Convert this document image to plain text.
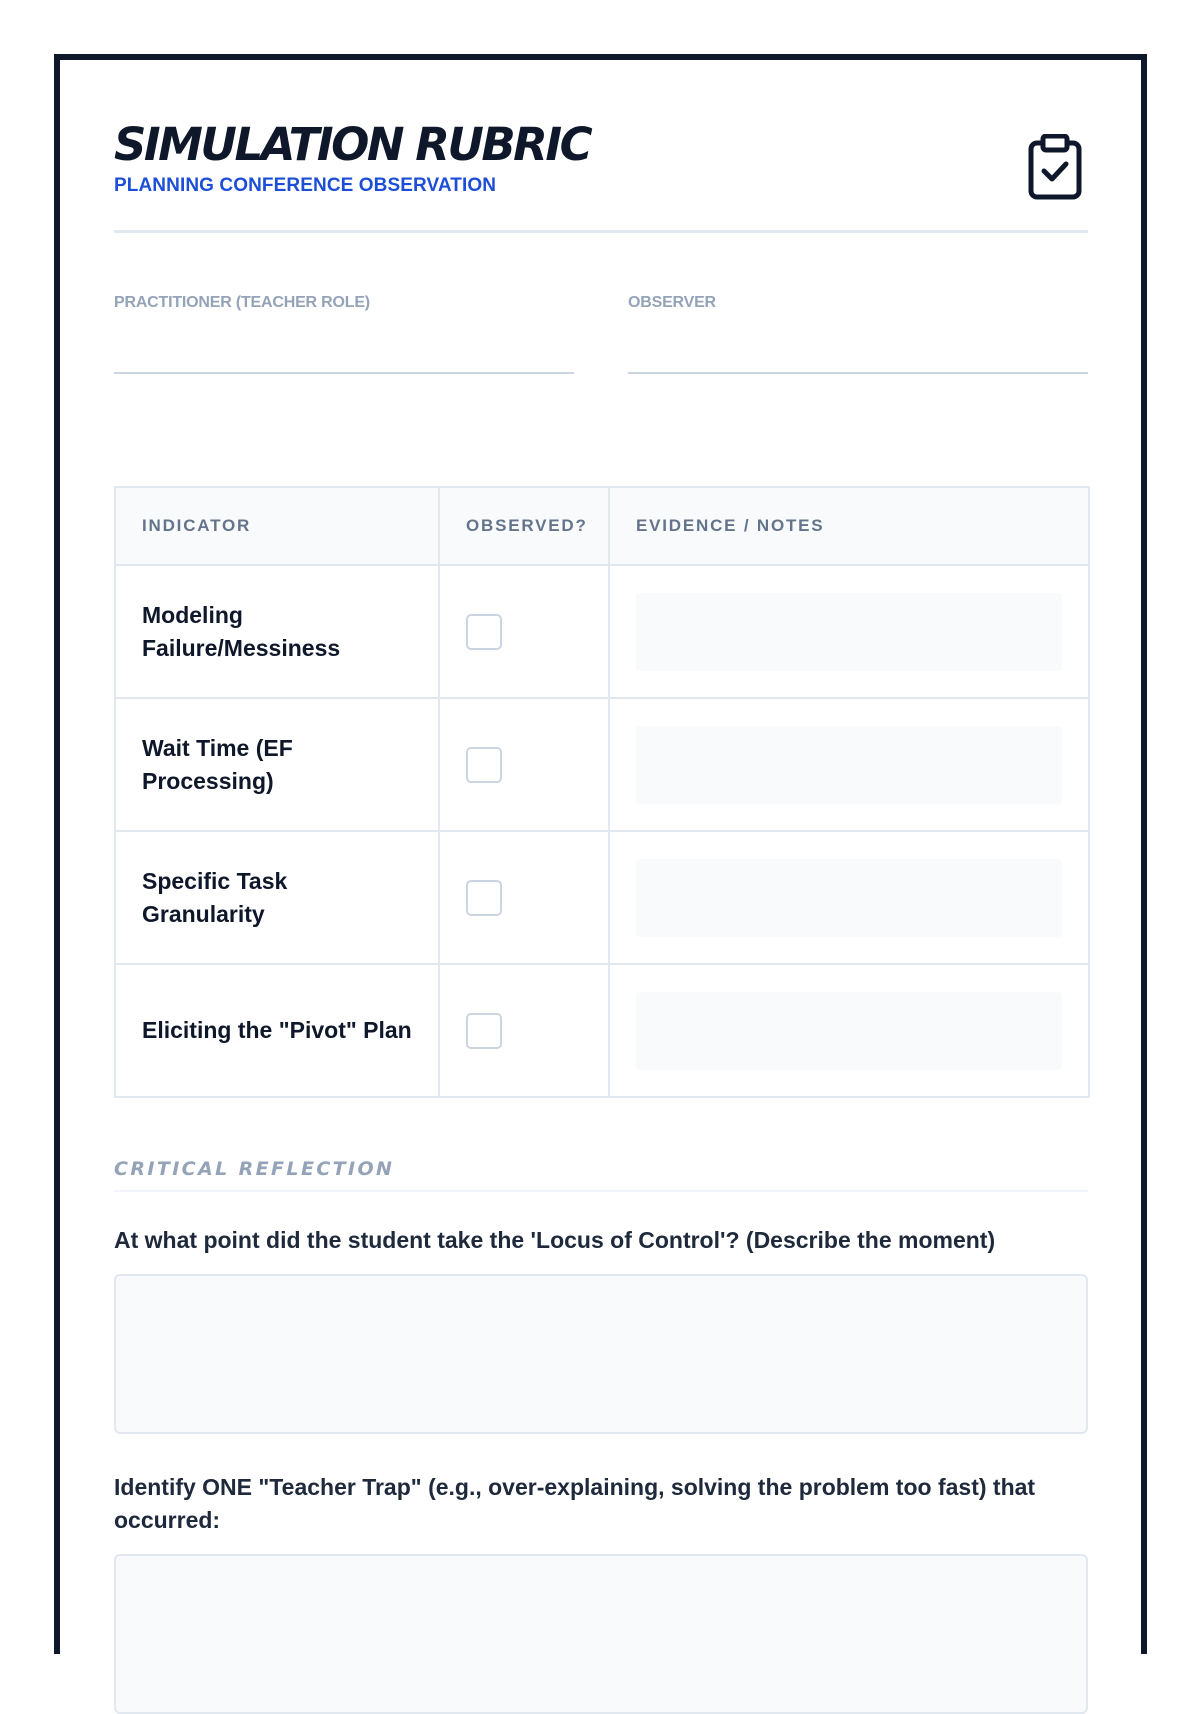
SIMULATION RUBRIC
PLANNING CONFERENCE OBSERVATION
PRACTITIONER (TEACHER ROLE)	OBSERVER
INDICATOR	OBSERVED?	EVIDENCE / NOTES

Modeling Failure/Messiness		

Wait Time (EF Processing)		

Specific Task Granularity		

Eliciting the "Pivot" Plan		

CRITICAL REFLECTION
At what point did the student take the 'Locus of Control'? (Describe the moment)
Identify ONE "Teacher Trap" (e.g., over-explaining, solving the problem too fast) that occurred:
